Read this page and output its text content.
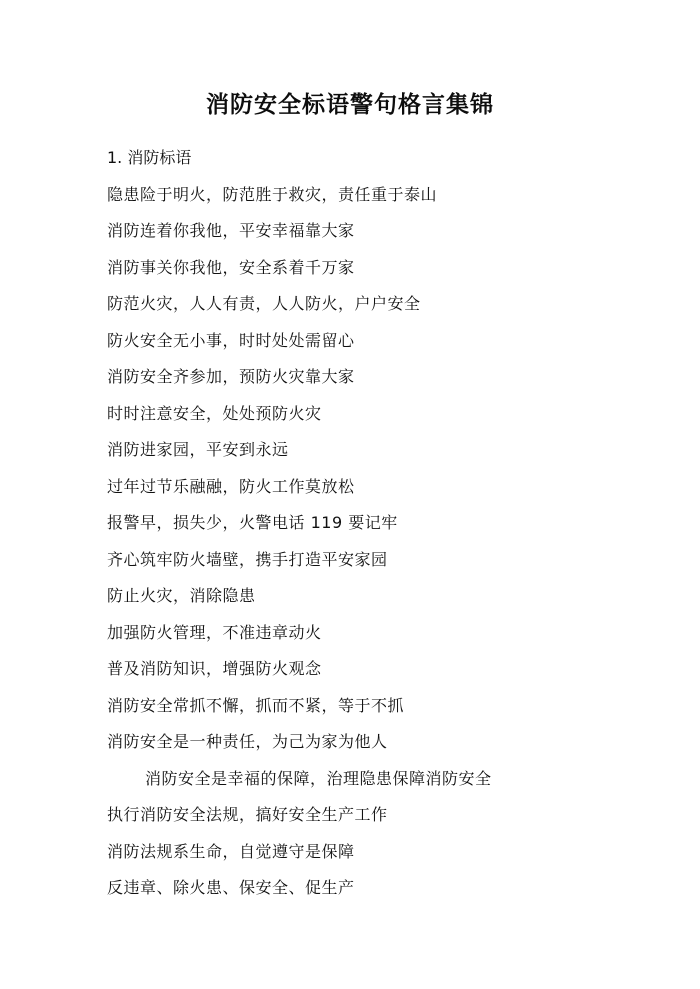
消防安全标语警句格言集锦
1. 消防标语
隐患险于明火，防范胜于救灾，责任重于泰山
消防连着你我他，平安幸福靠大家
消防事关你我他，安全系着千万家
防范火灾，人人有责，人人防火，户户安全
防火安全无小事，时时处处需留心
消防安全齐参加，预防火灾靠大家
时时注意安全，处处预防火灾
消防进家园，平安到永远
过年过节乐融融，防火工作莫放松
报警早，损失少，火警电话 119 要记牢
齐心筑牢防火墙壁，携手打造平安家园
防止火灾，消除隐患
加强防火管理，不准违章动火
普及消防知识，增强防火观念
消防安全常抓不懈，抓而不紧，等于不抓
消防安全是一种责任，为己为家为他人
消防安全是幸福的保障，治理隐患保障消防安全
执行消防安全法规，搞好安全生产工作
消防法规系生命，自觉遵守是保障
反违章、除火患、保安全、促生产
